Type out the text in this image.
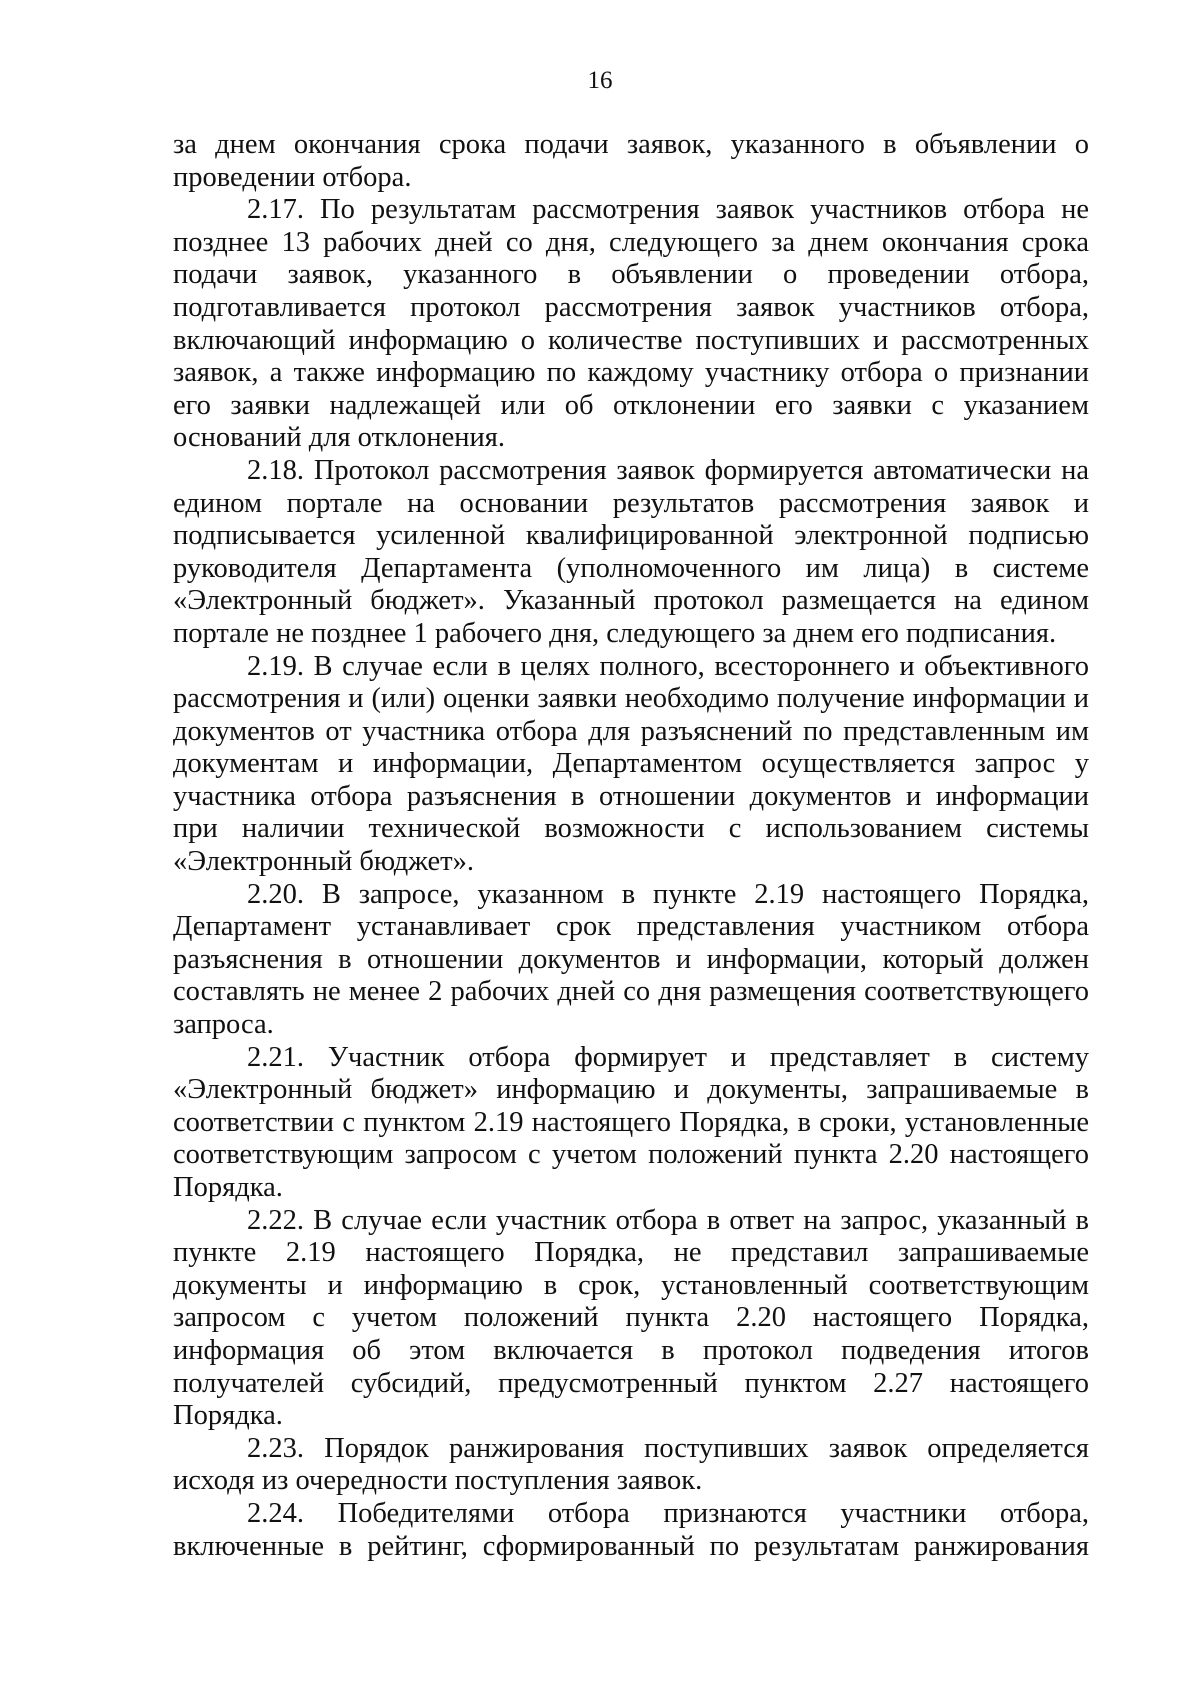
16

за днем окончания срока подачи заявок, указанного в объявлении о проведении отбора.

2.17. По результатам рассмотрения заявок участников отбора не позднее 13 рабочих дней со дня, следующего за днем окончания срока подачи заявок, указанного в объявлении о проведении отбора, подготавливается протокол рассмотрения заявок участников отбора, включающий информацию о количестве поступивших и рассмотренных заявок, а также информацию по каждому участнику отбора о признании его заявки надлежащей или об отклонении его заявки с указанием оснований для отклонения.

2.18. Протокол рассмотрения заявок формируется автоматически на едином портале на основании результатов рассмотрения заявок и подписывается усиленной квалифицированной электронной подписью руководителя Департамента (уполномоченного им лица) в системе «Электронный бюджет». Указанный протокол размещается на едином портале не позднее 1 рабочего дня, следующего за днем его подписания.

2.19. В случае если в целях полного, всестороннего и объективного рассмотрения и (или) оценки заявки необходимо получение информации и документов от участника отбора для разъяснений по представленным им документам и информации, Департаментом осуществляется запрос у участника отбора разъяснения в отношении документов и информации при наличии технической возможности с использованием системы «Электронный бюджет».

2.20. В запросе, указанном в пункте 2.19 настоящего Порядка, Департамент устанавливает срок представления участником отбора разъяснения в отношении документов и информации, который должен составлять не менее 2 рабочих дней со дня размещения соответствующего запроса.

2.21. Участник отбора формирует и представляет в систему «Электронный бюджет» информацию и документы, запрашиваемые в соответствии с пунктом 2.19 настоящего Порядка, в сроки, установленные соответствующим запросом с учетом положений пункта 2.20 настоящего Порядка.

2.22. В случае если участник отбора в ответ на запрос, указанный в пункте 2.19 настоящего Порядка, не представил запрашиваемые документы и информацию в срок, установленный соответствующим запросом с учетом положений пункта 2.20 настоящего Порядка, информация об этом включается в протокол подведения итогов получателей субсидий, предусмотренный пунктом 2.27 настоящего Порядка.

2.23. Порядок ранжирования поступивших заявок определяется исходя из очередности поступления заявок.

2.24. Победителями отбора признаются участники отбора, включенные в рейтинг, сформированный по результатам ранжирования
